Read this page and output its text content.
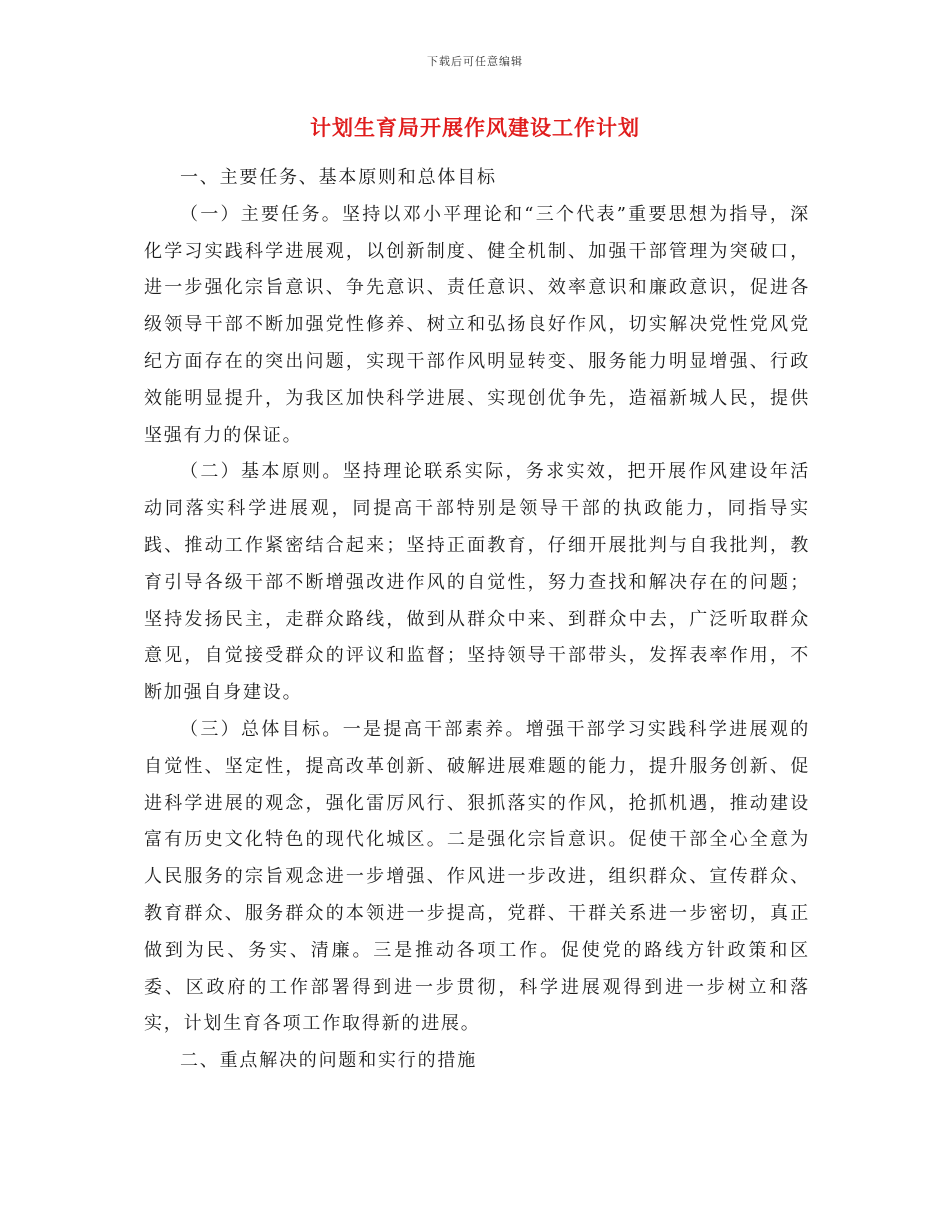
下载后可任意编辑
计划生育局开展作风建设工作计划

一、主要任务、基本原则和总体目标

（一）主要任务。坚持以邓小平理论和“三个代表”重要思想为指导，深化学习实践科学进展观，以创新制度、健全机制、加强干部管理为突破口，进一步强化宗旨意识、争先意识、责任意识、效率意识和廉政意识，促进各级领导干部不断加强党性修养、树立和弘扬良好作风，切实解决党性党风党纪方面存在的突出问题，实现干部作风明显转变、服务能力明显增强、行政效能明显提升，为我区加快科学进展、实现创优争先，造福新城人民，提供坚强有力的保证。

（二）基本原则。坚持理论联系实际，务求实效，把开展作风建设年活动同落实科学进展观，同提高干部特别是领导干部的执政能力，同指导实践、推动工作紧密结合起来；坚持正面教育，仔细开展批判与自我批判，教育引导各级干部不断增强改进作风的自觉性，努力查找和解决存在的问题；坚持发扬民主，走群众路线，做到从群众中来、到群众中去，广泛听取群众意见，自觉接受群众的评议和监督；坚持领导干部带头，发挥表率作用，不断加强自身建设。

（三）总体目标。一是提高干部素养。增强干部学习实践科学进展观的自觉性、坚定性，提高改革创新、破解进展难题的能力，提升服务创新、促进科学进展的观念，强化雷厉风行、狠抓落实的作风，抢抓机遇，推动建设富有历史文化特色的现代化城区。二是强化宗旨意识。促使干部全心全意为人民服务的宗旨观念进一步增强、作风进一步改进，组织群众、宣传群众、教育群众、服务群众的本领进一步提高，党群、干群关系进一步密切，真正做到为民、务实、清廉。三是推动各项工作。促使党的路线方针政策和区委、区政府的工作部署得到进一步贯彻，科学进展观得到进一步树立和落实，计划生育各项工作取得新的进展。

二、重点解决的问题和实行的措施
